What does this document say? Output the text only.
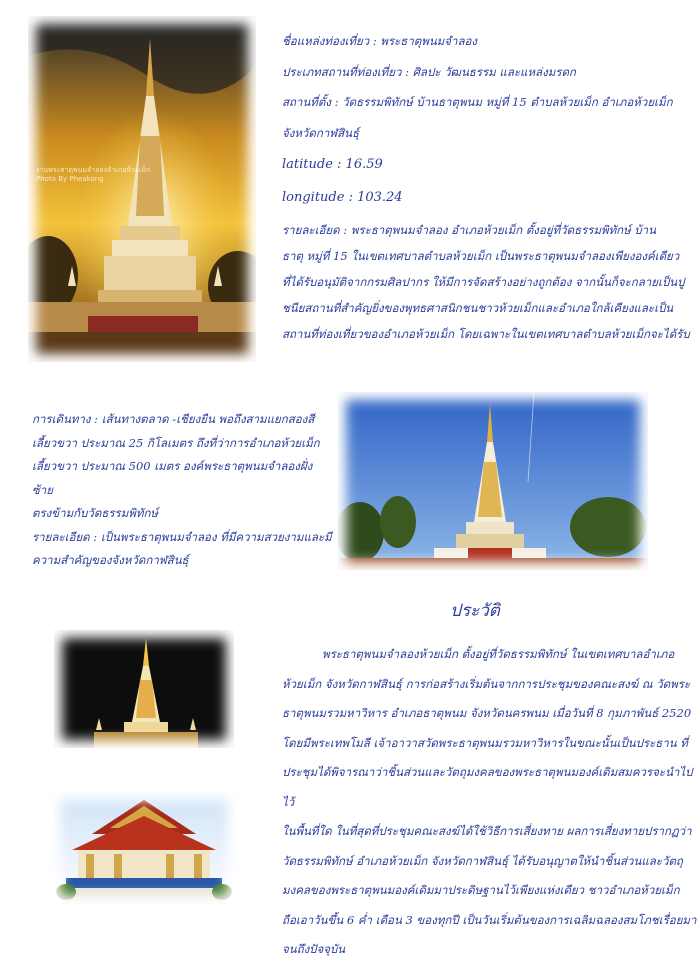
งานพระธาตุพนมจำลองอำเภอห้วยเม็ก
Photo By Pheakong

ชื่อแหล่งท่องเที่ยว : พระธาตุพนมจำลอง

ประเภทสถานที่ท่องเที่ยว : ศิลปะ วัฒนธรรม และแหล่งมรดก

สถานที่ตั้ง : วัดธรรมพิทักษ์ บ้านธาตุพนม หมู่ที่ 15 ตำบลห้วยเม็ก อำเภอห้วยเม็ก

จังหวัดกาฬสินธุ์

latitude : 16.59

longitude : 103.24

รายละเอียด : พระธาตุพนมจำลอง อำเภอห้วยเม็ก ตั้งอยู่ที่วัดธรรมพิทักษ์ บ้าน

ธาตุ หมู่ที่ 15 ในเขตเทศบาลตำบลห้วยเม็ก เป็นพระธาตุพนมจำลองเพียงองค์เดียว

ที่ได้รับอนุมัติจากกรมศิลปากร ให้มีการจัดสร้างอย่างถูกต้อง จากนั้นก็จะกลายเป็นปู

ชนียสถานที่สำคัญยิ่งของพุทธศาสนิกชนชาวห้วยเม็กและอำเภอใกล้เคียงและเป็น

สถานที่ท่องเที่ยวของอำเภอห้วยเม็ก โดยเฉพาะในเขตเทศบาลตำบลห้วยเม็กจะได้รับ

การเดินทาง : เส้นทางตลาด -เชียงยืน พอถึงสามแยกสองสี

เลี้ยวขวา ประมาณ 25 กิโลเมตร ถึงที่ว่าการอำเภอห้วยเม็ก

เลี้ยวขวา ประมาณ 500 เมตร องค์พระธาตุพนมจำลองฝั่งซ้าย

ตรงข้ามกับวัดธรรมพิทักษ์

รายละเอียด : เป็นพระธาตุพนมจำลอง ที่มีความสวยงามและมี

ความสำคัญของจังหวัดกาฬสินธุ์

ประวัติ

พระธาตุพนมจำลองห้วยเม็ก ตั้งอยู่ที่วัดธรรมพิทักษ์ ในเขตเทศบาลอำเภอ

ห้วยเม็ก จังหวัดกาฬสินธุ์ การก่อสร้างเริ่มต้นจากการประชุมของคณะสงฆ์ ณ วัดพระ

ธาตุพนมรวมหาวิหาร อำเภอธาตุพนม จังหวัดนครพนม เมื่อวันที่ 8 กุมภาพันธ์ 2520

โดยมีพระเทพโมลี เจ้าอาวาสวัดพระธาตุพนมรวมหาวิหารในขณะนั้นเป็นประธาน ที่

ประชุมได้พิจารณาว่าชิ้นส่วนและวัตถุมงคลของพระธาตุพนมองค์เดิมสมควรจะนำไปไว้

ในพื้นที่ใด ในที่สุดที่ประชุมคณะสงฆ์ได้ใช้วิธีการเสี่ยงทาย ผลการเสี่ยงทายปรากฏว่า

วัดธรรมพิทักษ์ อำเภอห้วยเม็ก จังหวัดกาฬสินธุ์ ได้รับอนุญาตให้นำชิ้นส่วนและวัตถุ

มงคลของพระธาตุพนมองค์เดิมมาประดิษฐานไว้เพียงแห่งเดียว ชาวอำเภอห้วยเม็ก

ถือเอาวันขึ้น 6 ค่ำ เดือน 3 ของทุกปี เป็นวันเริ่มต้นของการเฉลิมฉลองสมโภชเรื่อยมา

จนถึงปัจจุบัน
